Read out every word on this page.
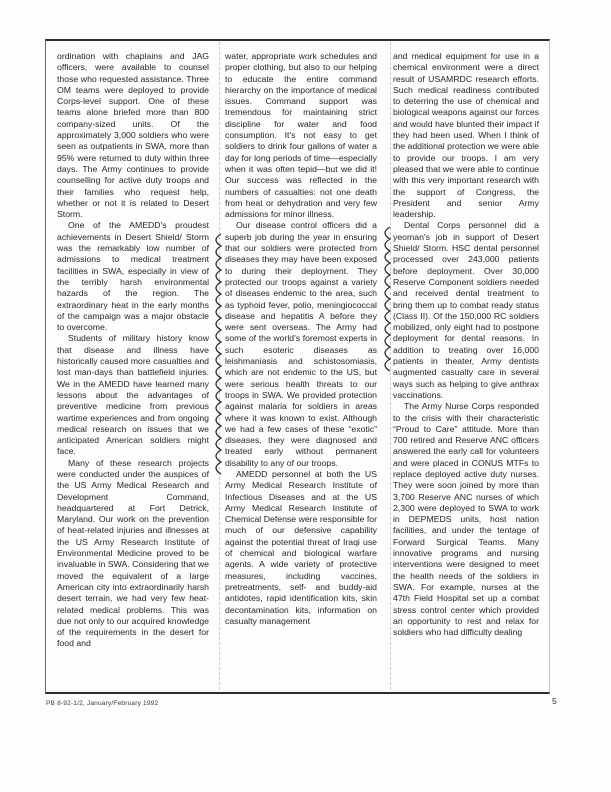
ordination with chaplains and JAG officers, were available to counsel those who requested assistance. Three OM teams were deployed to provide Corps-level support. One of these teams alone briefed more than 800 company-sized units. Of the approximately 3,000 soldiers who were seen as outpatients in SWA, more than 95% were returned to duty within three days. The Army continues to provide counselling for active duty troops and their families who request help, whether or not it is related to Desert Storm.

One of the AMEDD's proudest achievements in Desert Shield/ Storm was the remarkably low number of admissions to medical treatment facilities in SWA, especially in view of the terribly harsh environmental hazards of the region. The extraordinary heat in the early months of the campaign was a major obstacle to overcome.

Students of military history know that disease and illness have historically caused more casualties and lost man-days than battlefield injuries. We in the AMEDD have learned many lessons about the advantages of preventive medicine from previous wartime experiences and from ongoing medical research on issues that we anticipated American soldiers might face.

Many of these research projects were conducted under the auspices of the US Army Medical Research and Development Command, headquartered at Fort Detrick, Maryland. Our work on the prevention of heat-related injuries and illnesses at the US Army Research Institute of Environmental Medicine proved to be invaluable in SWA. Considering that we moved the equivalent of a large American city into extraordinarily harsh desert terrain, we had very few heat-related medical problems. This was due not only to our acquired knowledge of the requirements in the desert for food and

water, appropriate work schedules and proper clothing, but also to our helping to educate the entire command hierarchy on the importance of medical issues. Command support was tremendous for maintaining strict discipline for water and food consumption. It's not easy to get soldiers to drink four gallons of water a day for long periods of time—especially when it was often tepid—but we did it! Our success was reflected in the numbers of casualties: not one death from heat or dehydration and very few admissions for minor illness.

Our disease control officers did a superb job during the year in ensuring that our soldiers were protected from diseases they may have been exposed to during their deployment. They protected our troops against a variety of diseases endemic to the area, such as typhoid fever, polio, meningiococcal disease and hepatitis A before they were sent overseas. The Army had some of the world's foremost experts in such esoteric diseases as leishmaniasis and schistosomiasis, which are not endemic to the US, but were serious health threats to our troops in SWA. We provided protection against malaria for soldiers in areas where it was known to exist. Although we had a few cases of these “exotic” diseases, they were diagnosed and treated early without permanent disability to any of our troops.

AMEDD personnel at both the US Army Medical Research Institute of Infectious Diseases and at the US Army Medical Research Institute of Chemical Defense were responsible for much of our defensive capability against the potential threat of Iraqi use of chemical and biological warfare agents. A wide variety of protective measures, including vaccines, pretreatments, self- and buddy-aid antidotes, rapid identification kits, skin decontamination kits, information on casualty management

and medical equipment for use in a chemical environment were a direct result of USAMRDC research efforts. Such medical readiness contributed to deterring the use of chemical and biological weapons against our forces and would have blunted their impact if they had been used. When I think of the additional protection we were able to provide our troops. I am very pleased that we were able to continue with this very important research with the support of Congress, the President and senior Army leadership.

Dental Corps personnel did a yeoman's job in support of Desert Shield/ Storm. HSC dental personnel processed over 243,000 patients before deployment. Over 30,000 Reserve Component soldiers needed and received dental treatment to bring them up to combat ready status (Class II). Of the 150,000 RC soldiers mobilized, only eight had to postpone deployment for dental reasons. In addition to treating over 16,000 patients in theater, Army dentists augmented casualty care in several ways such as helping to give anthrax vaccinations.

The Army Nurse Corps responded to the crisis with their characteristic “Proud to Care” attitude. More than 700 retired and Reserve ANC officers answered the early call for volunteers and were placed in CONUS MTFs to replace deployed active duty nurses. They were soon joined by more than 3,700 Reserve ANC nurses of which 2,300 were deployed to SWA to work in DEPMEDS units, host nation facilities, and under the tentage of Forward Surgical Teams. Many innovative programs and nursing interventions were designed to meet the health needs of the soldiers in SWA. For example, nurses at the 47th Field Hospital set up a combat stress control center which provided an opportunity to rest and relax for soldiers who had difficulty dealing

PB 8-92-1/2, January/February 1992	5
